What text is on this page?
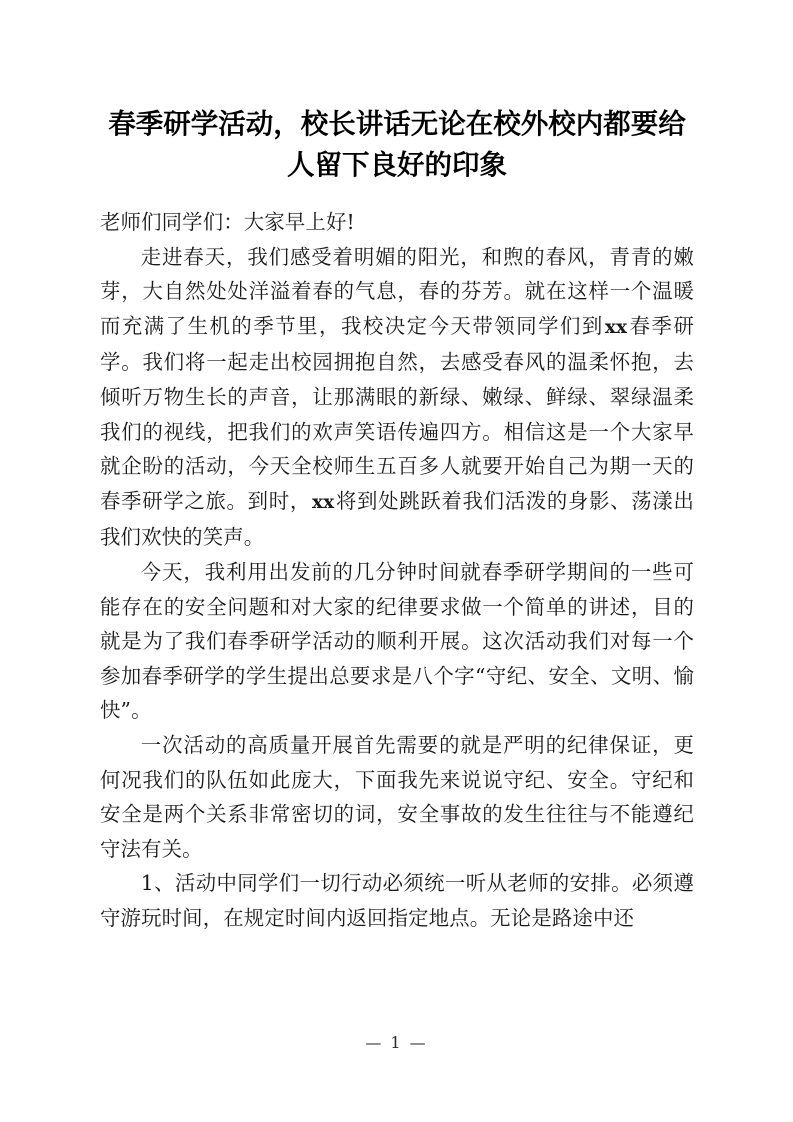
春季研学活动，校长讲话无论在校外校内都要给人留下良好的印象

老师们同学们：大家早上好!

走进春天，我们感受着明媚的阳光，和煦的春风，青青的嫩芽，大自然处处洋溢着春的气息，春的芬芳。就在这样一个温暖而充满了生机的季节里，我校决定今天带领同学们到xx春季研学。我们将一起走出校园拥抱自然，去感受春风的温柔怀抱，去倾听万物生长的声音，让那满眼的新绿、嫩绿、鲜绿、翠绿温柔我们的视线，把我们的欢声笑语传遍四方。相信这是一个大家早就企盼的活动，今天全校师生五百多人就要开始自己为期一天的春季研学之旅。到时，xx将到处跳跃着我们活泼的身影、荡漾出我们欢快的笑声。

今天，我利用出发前的几分钟时间就春季研学期间的一些可能存在的安全问题和对大家的纪律要求做一个简单的讲述，目的就是为了我们春季研学活动的顺利开展。这次活动我们对每一个参加春季研学的学生提出总要求是八个字“守纪、安全、文明、愉快”。

一次活动的高质量开展首先需要的就是严明的纪律保证，更何况我们的队伍如此庞大，下面我先来说说守纪、安全。守纪和安全是两个关系非常密切的词，安全事故的发生往往与不能遵纪守法有关。

1、活动中同学们一切行动必须统一听从老师的安排。必须遵守游玩时间，在规定时间内返回指定地点。无论是路途中还

— 1 —
